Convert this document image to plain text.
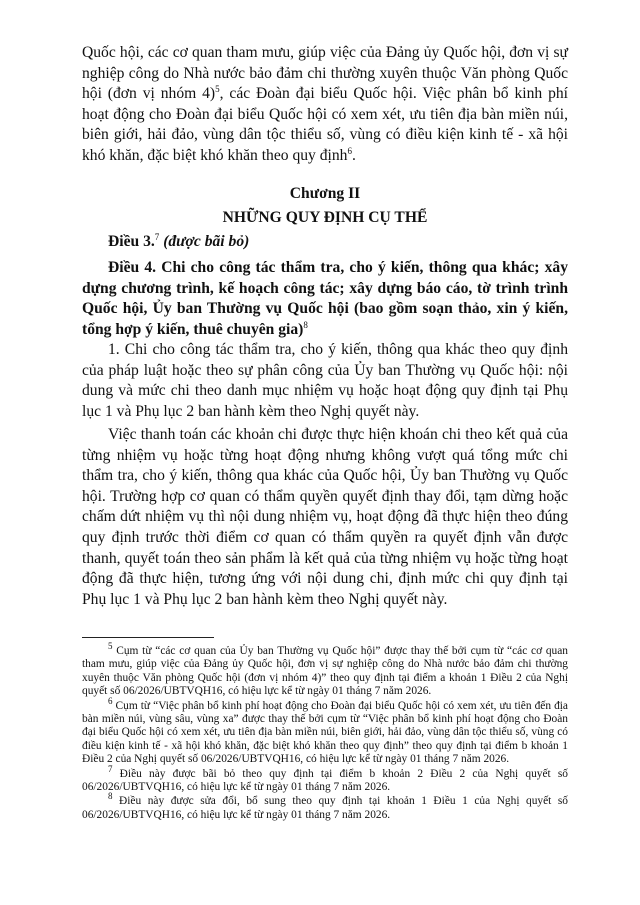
Quốc hội, các cơ quan tham mưu, giúp việc của Đảng ủy Quốc hội, đơn vị sự nghiệp công do Nhà nước bảo đảm chi thường xuyên thuộc Văn phòng Quốc hội (đơn vị nhóm 4)$^5$, các Đoàn đại biểu Quốc hội. Việc phân bổ kinh phí hoạt động cho Đoàn đại biểu Quốc hội có xem xét, ưu tiên địa bàn miền núi, biên giới, hải đảo, vùng dân tộc thiểu số, vùng có điều kiện kinh tế - xã hội khó khăn, đặc biệt khó khăn theo quy định$^6$.

Chương II

NHỮNG QUY ĐỊNH CỤ THỂ

Điều 3.$^7$ (được bãi bỏ)

Điều 4. Chi cho công tác thẩm tra, cho ý kiến, thông qua khác; xây dựng chương trình, kế hoạch công tác; xây dựng báo cáo, tờ trình trình Quốc hội, Ủy ban Thường vụ Quốc hội (bao gồm soạn thảo, xin ý kiến, tổng hợp ý kiến, thuê chuyên gia)$^8$

1. Chi cho công tác thẩm tra, cho ý kiến, thông qua khác theo quy định của pháp luật hoặc theo sự phân công của Ủy ban Thường vụ Quốc hội: nội dung và mức chi theo danh mục nhiệm vụ hoặc hoạt động quy định tại Phụ lục 1 và Phụ lục 2 ban hành kèm theo Nghị quyết này.

Việc thanh toán các khoản chi được thực hiện khoán chi theo kết quả của từng nhiệm vụ hoặc từng hoạt động nhưng không vượt quá tổng mức chi thẩm tra, cho ý kiến, thông qua khác của Quốc hội, Ủy ban Thường vụ Quốc hội. Trường hợp cơ quan có thẩm quyền quyết định thay đổi, tạm dừng hoặc chấm dứt nhiệm vụ thì nội dung nhiệm vụ, hoạt động đã thực hiện theo đúng quy định trước thời điểm cơ quan có thẩm quyền ra quyết định vẫn được thanh, quyết toán theo sản phẩm là kết quả của từng nhiệm vụ hoặc từng hoạt động đã thực hiện, tương ứng với nội dung chi, định mức chi quy định tại Phụ lục 1 và Phụ lục 2 ban hành kèm theo Nghị quyết này.

$^5$ Cụm từ “các cơ quan của Ủy ban Thường vụ Quốc hội” được thay thế bởi cụm từ “các cơ quan tham mưu, giúp việc của Đảng ủy Quốc hội, đơn vị sự nghiệp công do Nhà nước bảo đảm chi thường xuyên thuộc Văn phòng Quốc hội (đơn vị nhóm 4)” theo quy định tại điểm a khoản 1 Điều 2 của Nghị quyết số 06/2026/UBTVQH16, có hiệu lực kể từ ngày 01 tháng 7 năm 2026.

$^6$ Cụm từ “Việc phân bổ kinh phí hoạt động cho Đoàn đại biểu Quốc hội có xem xét, ưu tiên đến địa bàn miền núi, vùng sâu, vùng xa” được thay thế bởi cụm từ “Việc phân bổ kinh phí hoạt động cho Đoàn đại biểu Quốc hội có xem xét, ưu tiên địa bàn miền núi, biên giới, hải đảo, vùng dân tộc thiểu số, vùng có điều kiện kinh tế - xã hội khó khăn, đặc biệt khó khăn theo quy định” theo quy định tại điểm b khoản 1 Điều 2 của Nghị quyết số 06/2026/UBTVQH16, có hiệu lực kể từ ngày 01 tháng 7 năm 2026.

$^7$ Điều này được bãi bỏ theo quy định tại điểm b khoản 2 Điều 2 của Nghị quyết số 06/2026/UBTVQH16, có hiệu lực kể từ ngày 01 tháng 7 năm 2026.

$^8$ Điều này được sửa đổi, bổ sung theo quy định tại khoản 1 Điều 1 của Nghị quyết số 06/2026/UBTVQH16, có hiệu lực kể từ ngày 01 tháng 7 năm 2026.
